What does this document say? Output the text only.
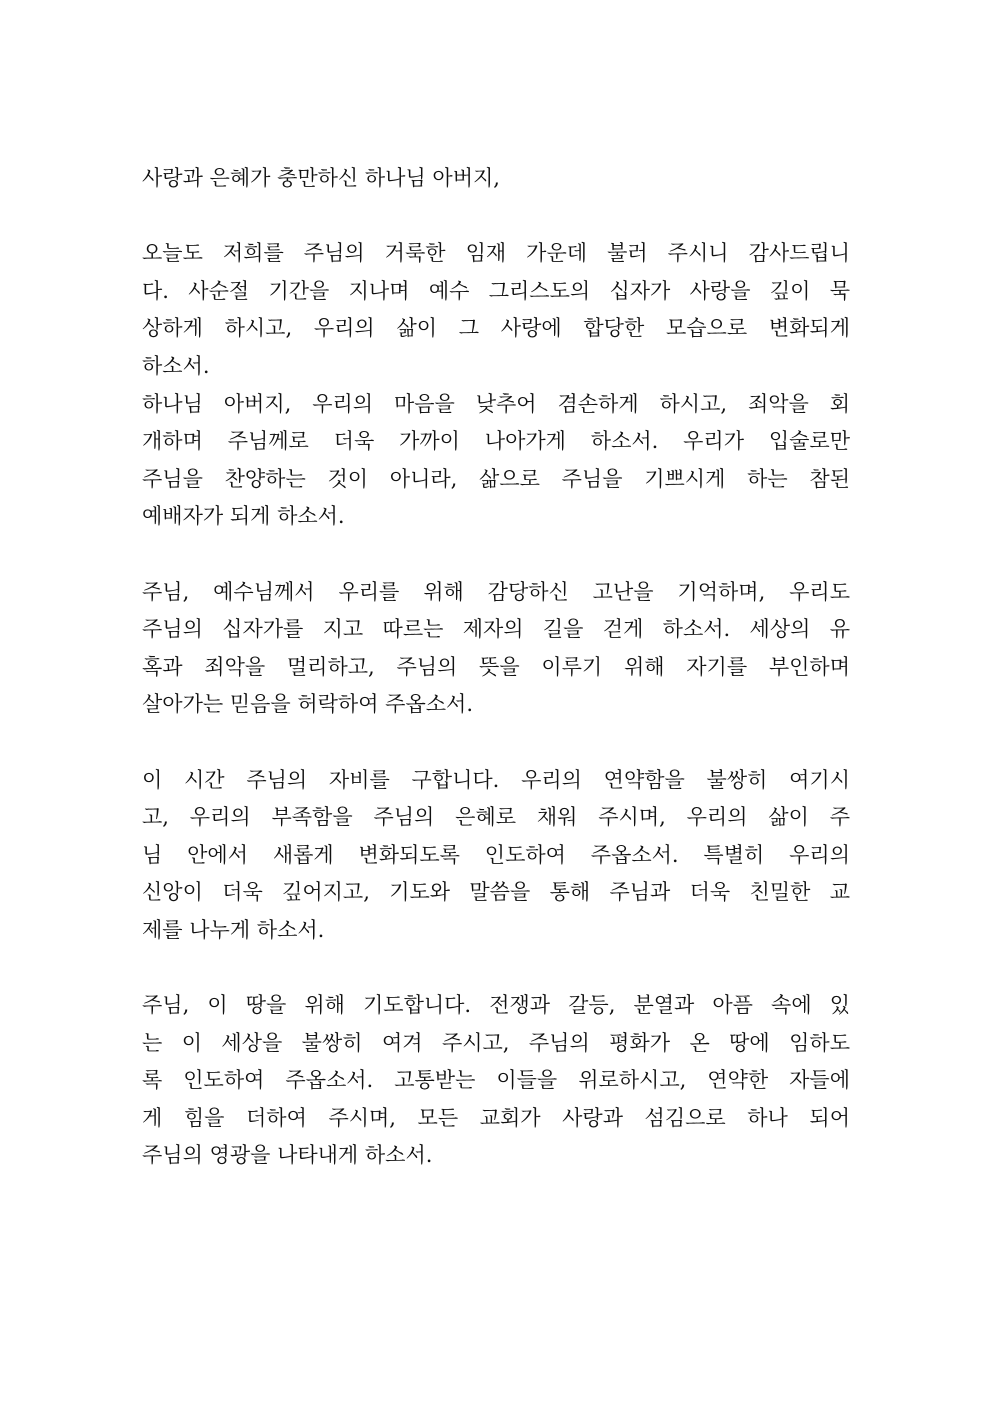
사랑과 은혜가 충만하신 하나님 아버지,
오늘도 저희를 주님의 거룩한 임재 가운데 불러 주시니 감사드립니
다. 사순절 기간을 지나며 예수 그리스도의 십자가 사랑을 깊이 묵
상하게 하시고, 우리의 삶이 그 사랑에 합당한 모습으로 변화되게
하소서.
하나님 아버지, 우리의 마음을 낮추어 겸손하게 하시고, 죄악을 회
개하며 주님께로 더욱 가까이 나아가게 하소서. 우리가 입술로만
주님을 찬양하는 것이 아니라, 삶으로 주님을 기쁘시게 하는 참된
예배자가 되게 하소서.
주님, 예수님께서 우리를 위해 감당하신 고난을 기억하며, 우리도
주님의 십자가를 지고 따르는 제자의 길을 걷게 하소서. 세상의 유
혹과 죄악을 멀리하고, 주님의 뜻을 이루기 위해 자기를 부인하며
살아가는 믿음을 허락하여 주옵소서.
이 시간 주님의 자비를 구합니다. 우리의 연약함을 불쌍히 여기시
고, 우리의 부족함을 주님의 은혜로 채워 주시며, 우리의 삶이 주
님 안에서 새롭게 변화되도록 인도하여 주옵소서. 특별히 우리의
신앙이 더욱 깊어지고, 기도와 말씀을 통해 주님과 더욱 친밀한 교
제를 나누게 하소서.
주님, 이 땅을 위해 기도합니다. 전쟁과 갈등, 분열과 아픔 속에 있
는 이 세상을 불쌍히 여겨 주시고, 주님의 평화가 온 땅에 임하도
록 인도하여 주옵소서. 고통받는 이들을 위로하시고, 연약한 자들에
게 힘을 더하여 주시며, 모든 교회가 사랑과 섬김으로 하나 되어
주님의 영광을 나타내게 하소서.
